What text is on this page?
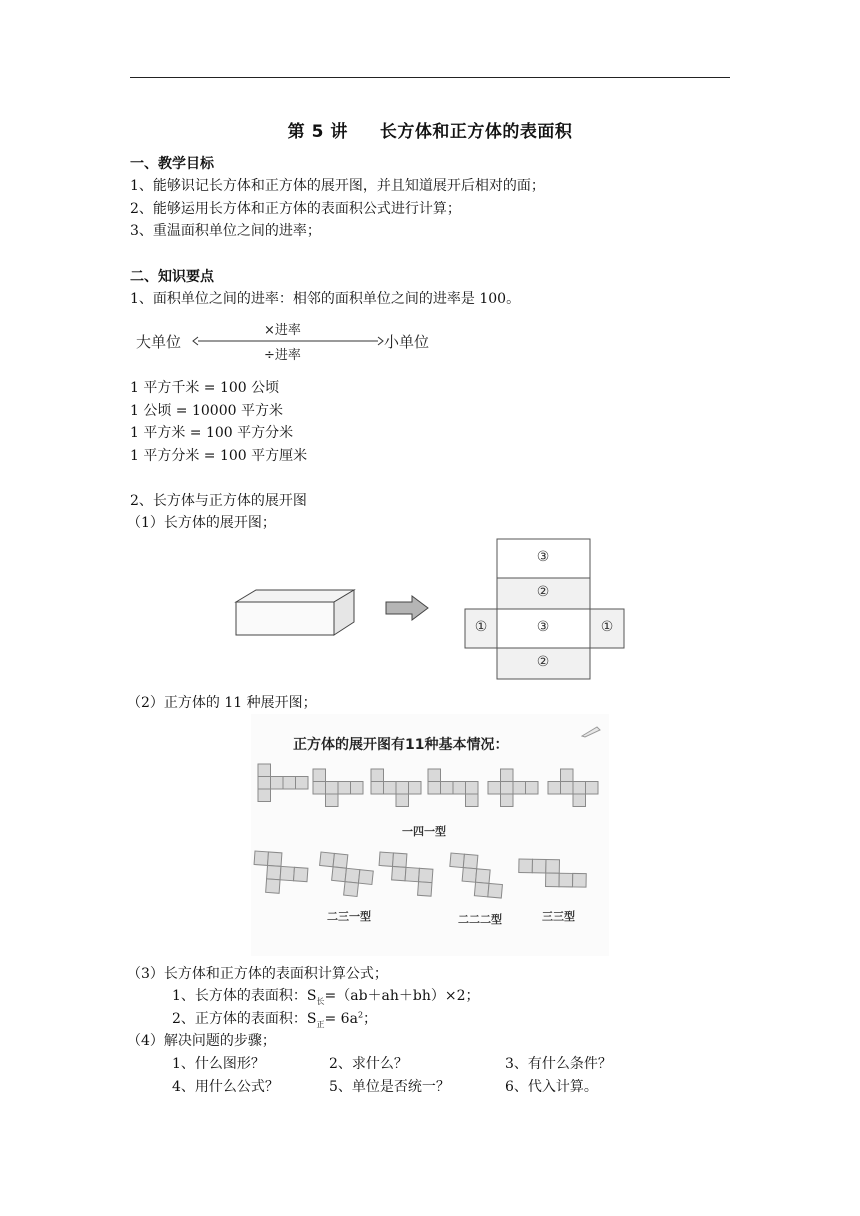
第 5 讲 长方体和正方体的表面积
一、教学目标
1、能够识记长方体和正方体的展开图，并且知道展开后相对的面；
2、能够运用长方体和正方体的表面积公式进行计算；
3、重温面积单位之间的进率；
二、知识要点
1、面积单位之间的进率：相邻的面积单位之间的进率是 100。
大单位
×进率
÷进率
小单位
1 平方千米 = 100 公顷
1 公顷 = 10000 平方米
1 平方米 = 100 平方分米
1 平方分米 = 100 平方厘米
2、长方体与正方体的展开图
（1）长方体的展开图；
③
②
①	③	①
②
（2）正方体的 11 种展开图；
正方体的展开图有11种基本情况：
一四一型
二三一型	二二二型	三三型
（3）长方体和正方体的表面积计算公式；
1、长方体的表面积：$S_长=(ab+ah+bh)\times 2$；
2、正方体的表面积：$S_正= 6a^2$；
（4）解决问题的步骤；
1、什么图形？	2、求什么？	3、有什么条件？
4、用什么公式？	5、单位是否统一？	6、代入计算。
